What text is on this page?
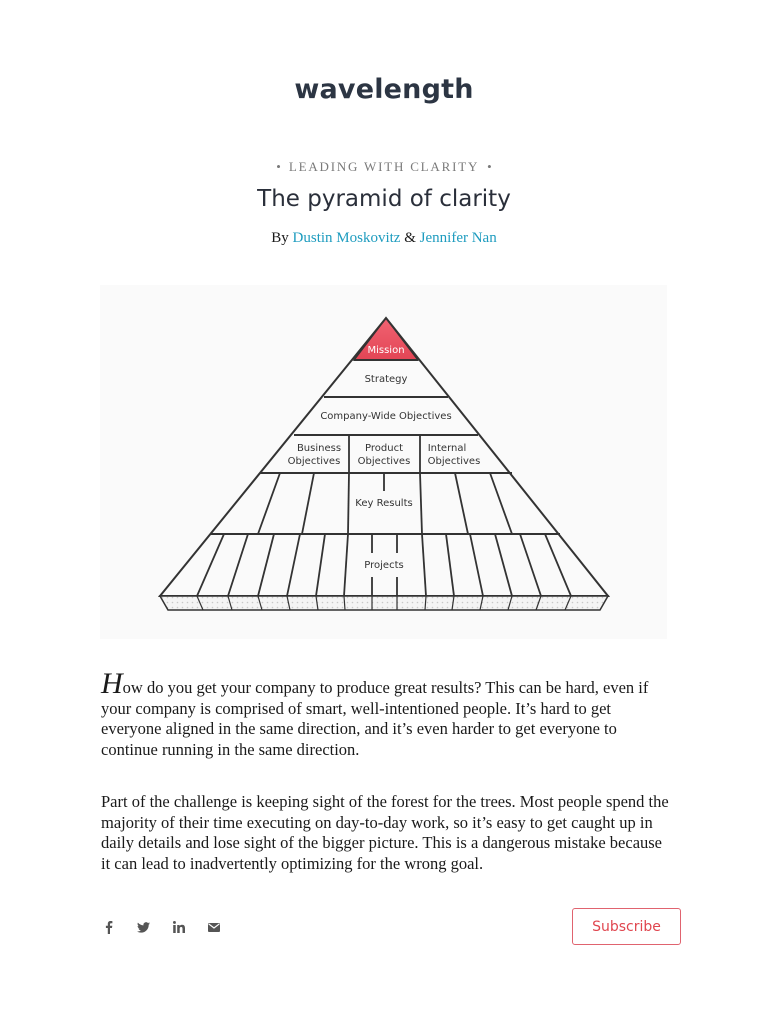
wavelength
• LEADING WITH CLARITY •
The pyramid of clarity
By Dustin Moskovitz & Jennifer Nan
Mission
Strategy
Company-Wide Objectives
Business
Objectives
Product
Objectives
Internal
Objectives
Key Results
Projects

How do you get your company to produce great results? This can be hard, even if your company is comprised of smart, well-intentioned people. It’s hard to get everyone aligned in the same direction, and it’s even harder to get everyone to continue running in the same direction.

Part of the challenge is keeping sight of the forest for the trees. Most people spend the majority of their time executing on day-to-day work, so it’s easy to get caught up in daily details and lose sight of the bigger picture. This is a dangerous mistake because it can lead to inadvertently optimizing for the wrong goal.

Subscribe
